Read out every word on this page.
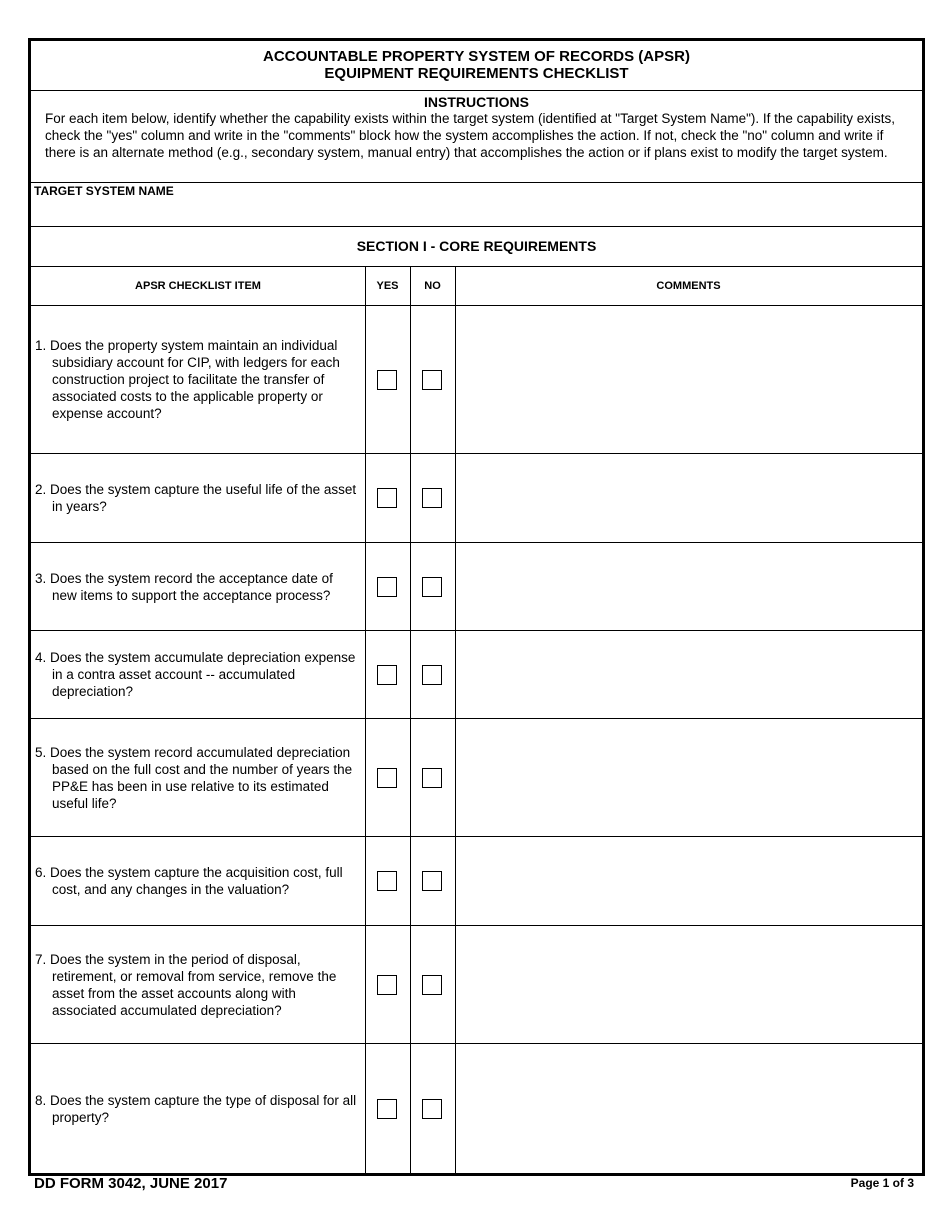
ACCOUNTABLE PROPERTY SYSTEM OF RECORDS (APSR)
EQUIPMENT REQUIREMENTS CHECKLIST
INSTRUCTIONS

For each item below, identify whether the capability exists within the target system (identified at "Target System Name"). If the capability exists, check the "yes" column and write in the "comments" block how the system accomplishes the action. If not, check the "no" column and write if there is an alternate method (e.g., secondary system, manual entry) that accomplishes the action or if plans exist to modify the target system.

TARGET SYSTEM NAME
SECTION I - CORE REQUIREMENTS
APSR CHECKLIST ITEM	YES	NO	COMMENTS
1. Does the property system maintain an individual subsidiary account for CIP, with ledgers for each construction project to facilitate the transfer of associated costs to the applicable property or expense account?
2. Does the system capture the useful life of the asset in years?
3. Does the system record the acceptance date of new items to support the acceptance process?
4. Does the system accumulate depreciation expense in a contra asset account -- accumulated depreciation?
5. Does the system record accumulated depreciation based on the full cost and the number of years the PP&E has been in use relative to its estimated useful life?
6. Does the system capture the acquisition cost, full cost, and any changes in the valuation?
7. Does the system in the period of disposal, retirement, or removal from service, remove the asset from the asset accounts along with associated accumulated depreciation?
8. Does the system capture the type of disposal for all property?
DD FORM 3042, JUNE 2017	Page 1 of 3
